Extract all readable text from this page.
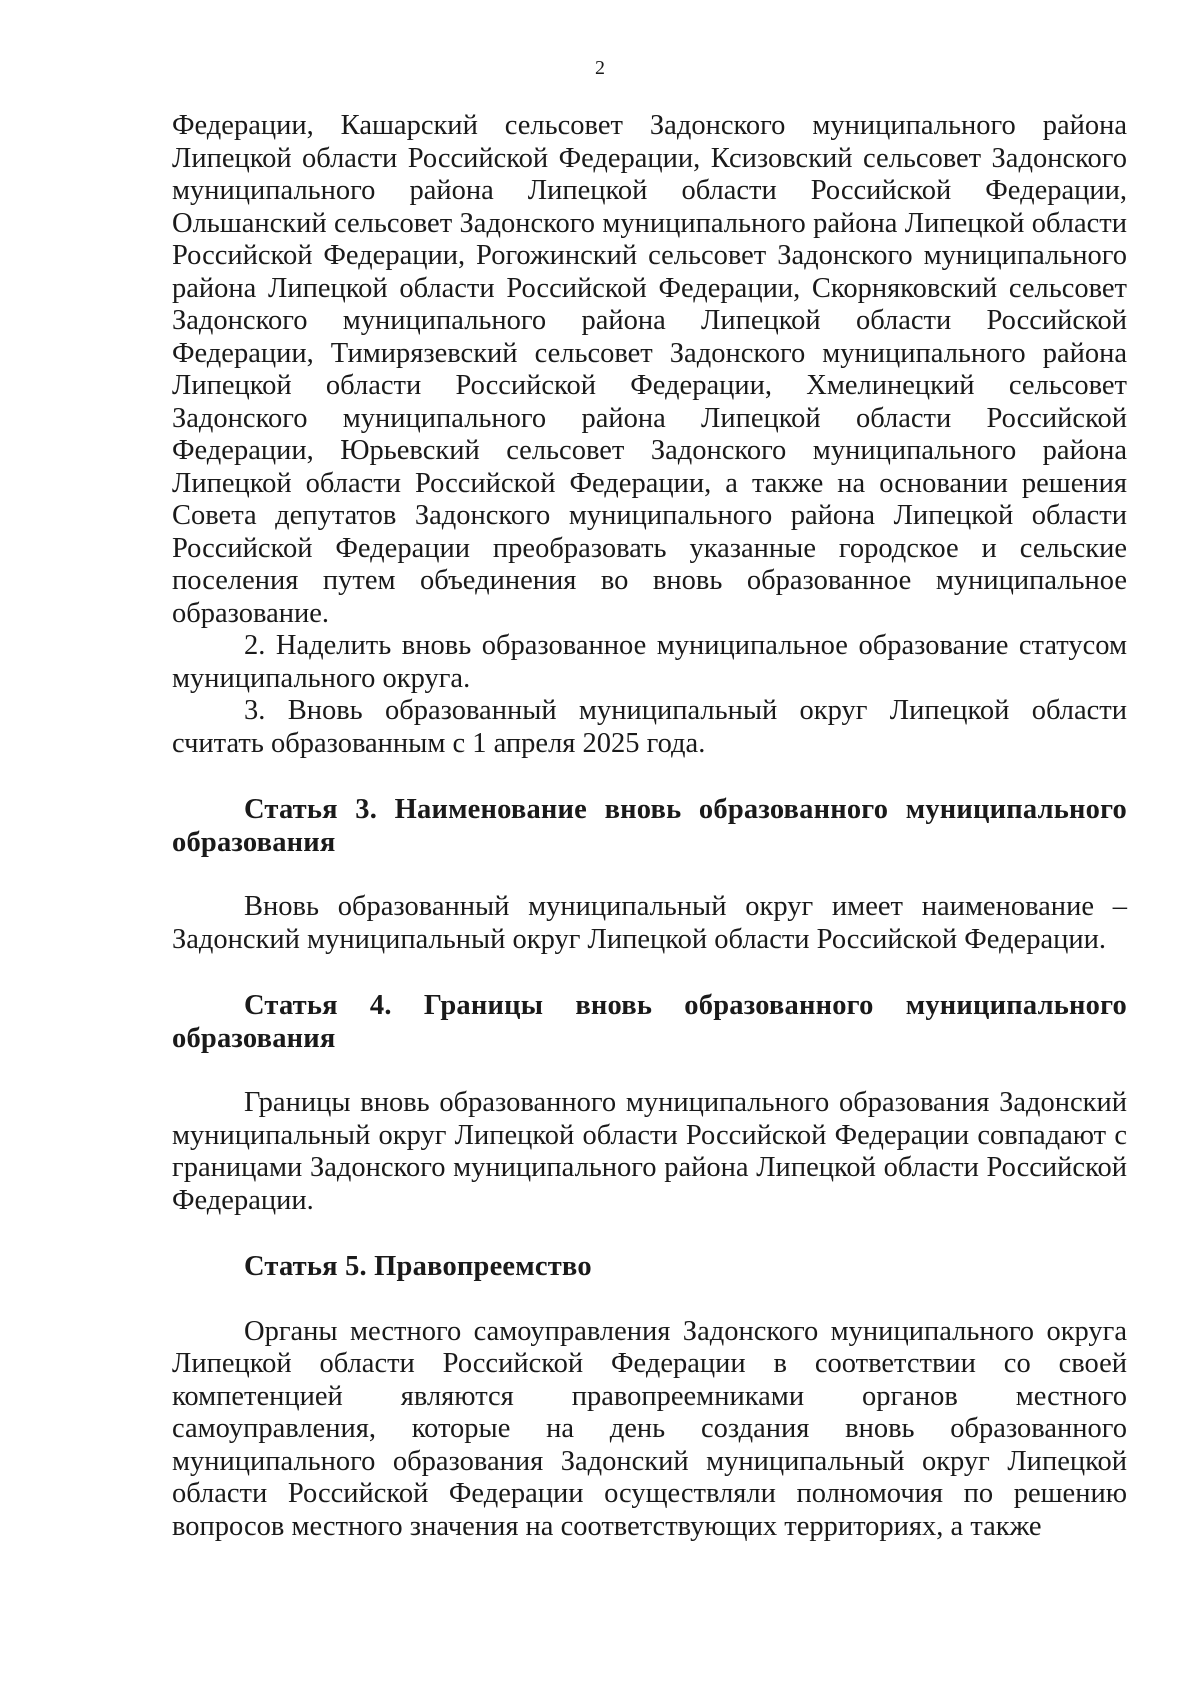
2

Федерации, Кашарский сельсовет Задонского муниципального района Липецкой области Российской Федерации, Ксизовский сельсовет Задонского муниципального района Липецкой области Российской Федерации, Ольшанский сельсовет Задонского муниципального района Липецкой области Российской Федерации, Рогожинский сельсовет Задонского муниципального района Липецкой области Российской Федерации, Скорняковский сельсовет Задонского муниципального района Липецкой области Российской Федерации, Тимирязевский сельсовет Задонского муниципального района Липецкой области Российской Федерации, Хмелинецкий сельсовет Задонского муниципального района Липецкой области Российской Федерации, Юрьевский сельсовет Задонского муниципального района Липецкой области Российской Федерации, а также на основании решения Совета депутатов Задонского муниципального района Липецкой области Российской Федерации преобразовать указанные городское и сельские поселения путем объединения во вновь образованное муниципальное образование.

2. Наделить вновь образованное муниципальное образование статусом муниципального округа.

3. Вновь образованный муниципальный округ Липецкой области считать образованным с 1 апреля 2025 года.

Статья 3. Наименование вновь образованного муниципального образования

Вновь образованный муниципальный округ имеет наименование – Задонский муниципальный округ Липецкой области Российской Федерации.

Статья 4. Границы вновь образованного муниципального образования

Границы вновь образованного муниципального образования Задонский муниципальный округ Липецкой области Российской Федерации совпадают с границами Задонского муниципального района Липецкой области Российской Федерации.

Статья 5. Правопреемство

Органы местного самоуправления Задонского муниципального округа Липецкой области Российской Федерации в соответствии со своей компетенцией являются правопреемниками органов местного самоуправления, которые на день создания вновь образованного муниципального образования Задонский муниципальный округ Липецкой области Российской Федерации осуществляли полномочия по решению вопросов местного значения на соответствующих территориях, а также
